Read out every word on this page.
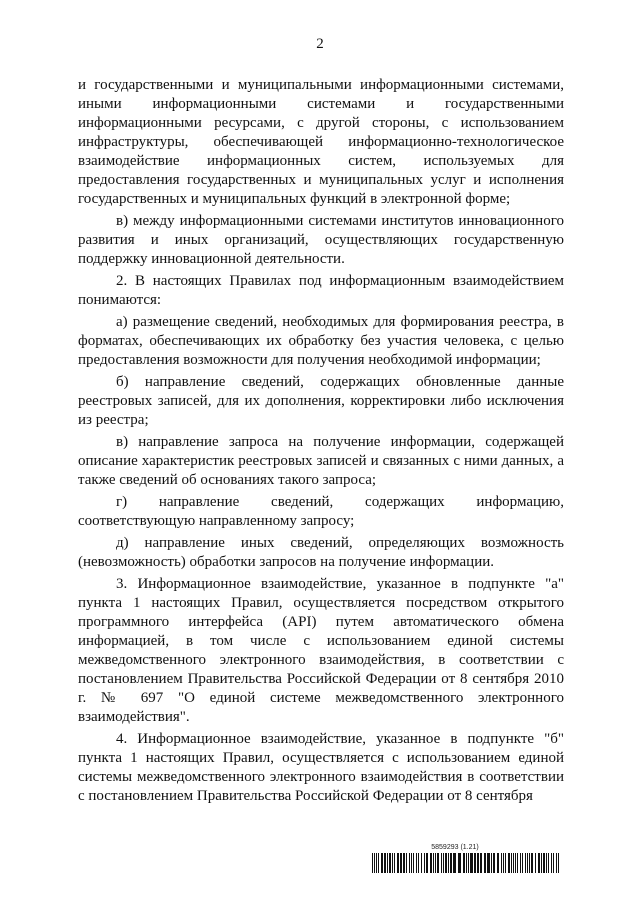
2

и государственными и муниципальными информационными системами, иными информационными системами и государственными информационными ресурсами, с другой стороны, с использованием инфраструктуры, обеспечивающей информационно-технологическое взаимодействие информационных систем, используемых для предоставления государственных и муниципальных услуг и исполнения государственных и муниципальных функций в электронной форме;

в) между информационными системами институтов инновационного развития и иных организаций, осуществляющих государственную поддержку инновационной деятельности.

2. В настоящих Правилах под информационным взаимодействием понимаются:

а) размещение сведений, необходимых для формирования реестра, в форматах, обеспечивающих их обработку без участия человека, с целью предоставления возможности для получения необходимой информации;

б) направление сведений, содержащих обновленные данные реестровых записей, для их дополнения, корректировки либо исключения из реестра;

в) направление запроса на получение информации, содержащей описание характеристик реестровых записей и связанных с ними данных, а также сведений об основаниях такого запроса;

г) направление сведений, содержащих информацию, соответствующую направленному запросу;

д) направление иных сведений, определяющих возможность (невозможность) обработки запросов на получение информации.

3. Информационное взаимодействие, указанное в подпункте "а" пункта 1 настоящих Правил, осуществляется посредством открытого программного интерфейса (API) путем автоматического обмена информацией, в том числе с использованием единой системы межведомственного электронного взаимодействия, в соответствии с постановлением Правительства Российской Федерации от 8 сентября 2010 г. № 697 "О единой системе межведомственного электронного взаимодействия".

4. Информационное взаимодействие, указанное в подпункте "б" пункта 1 настоящих Правил, осуществляется с использованием единой системы межведомственного электронного взаимодействия в соответствии с постановлением Правительства Российской Федерации от 8 сентября

5859293 (1.21)
